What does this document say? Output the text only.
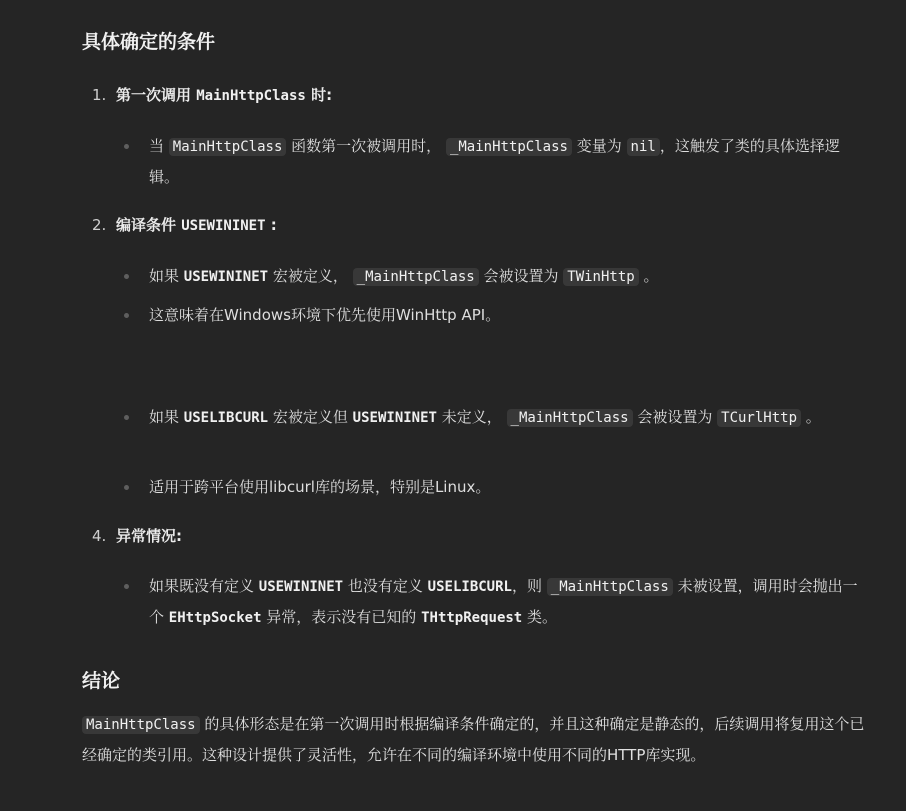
具体确定的条件
1. 第一次调用 MainHttpClass 时:
当 MainHttpClass 函数第一次被调用时， _MainHttpClass 变量为 nil ，这触发了类的具体选择逻辑。
2. 编译条件 USEWININET :
如果 USEWININET 宏被定义， _MainHttpClass 会被设置为 TWinHttp 。
这意味着在Windows环境下优先使用WinHttp API。
如果 USELIBCURL 宏被定义但 USEWININET 未定义， _MainHttpClass 会被设置为 TCurlHttp 。
适用于跨平台使用libcurl库的场景，特别是Linux。
4. 异常情况:
如果既没有定义 USEWININET 也没有定义 USELIBCURL，则 _MainHttpClass 未被设置，调用时会抛出一个 EHttpSocket 异常，表示没有已知的 THttpRequest 类。
结论
MainHttpClass 的具体形态是在第一次调用时根据编译条件确定的，并且这种确定是静态的，后续调用将复用这个已经确定的类引用。这种设计提供了灵活性，允许在不同的编译环境中使用不同的HTTP库实现。
